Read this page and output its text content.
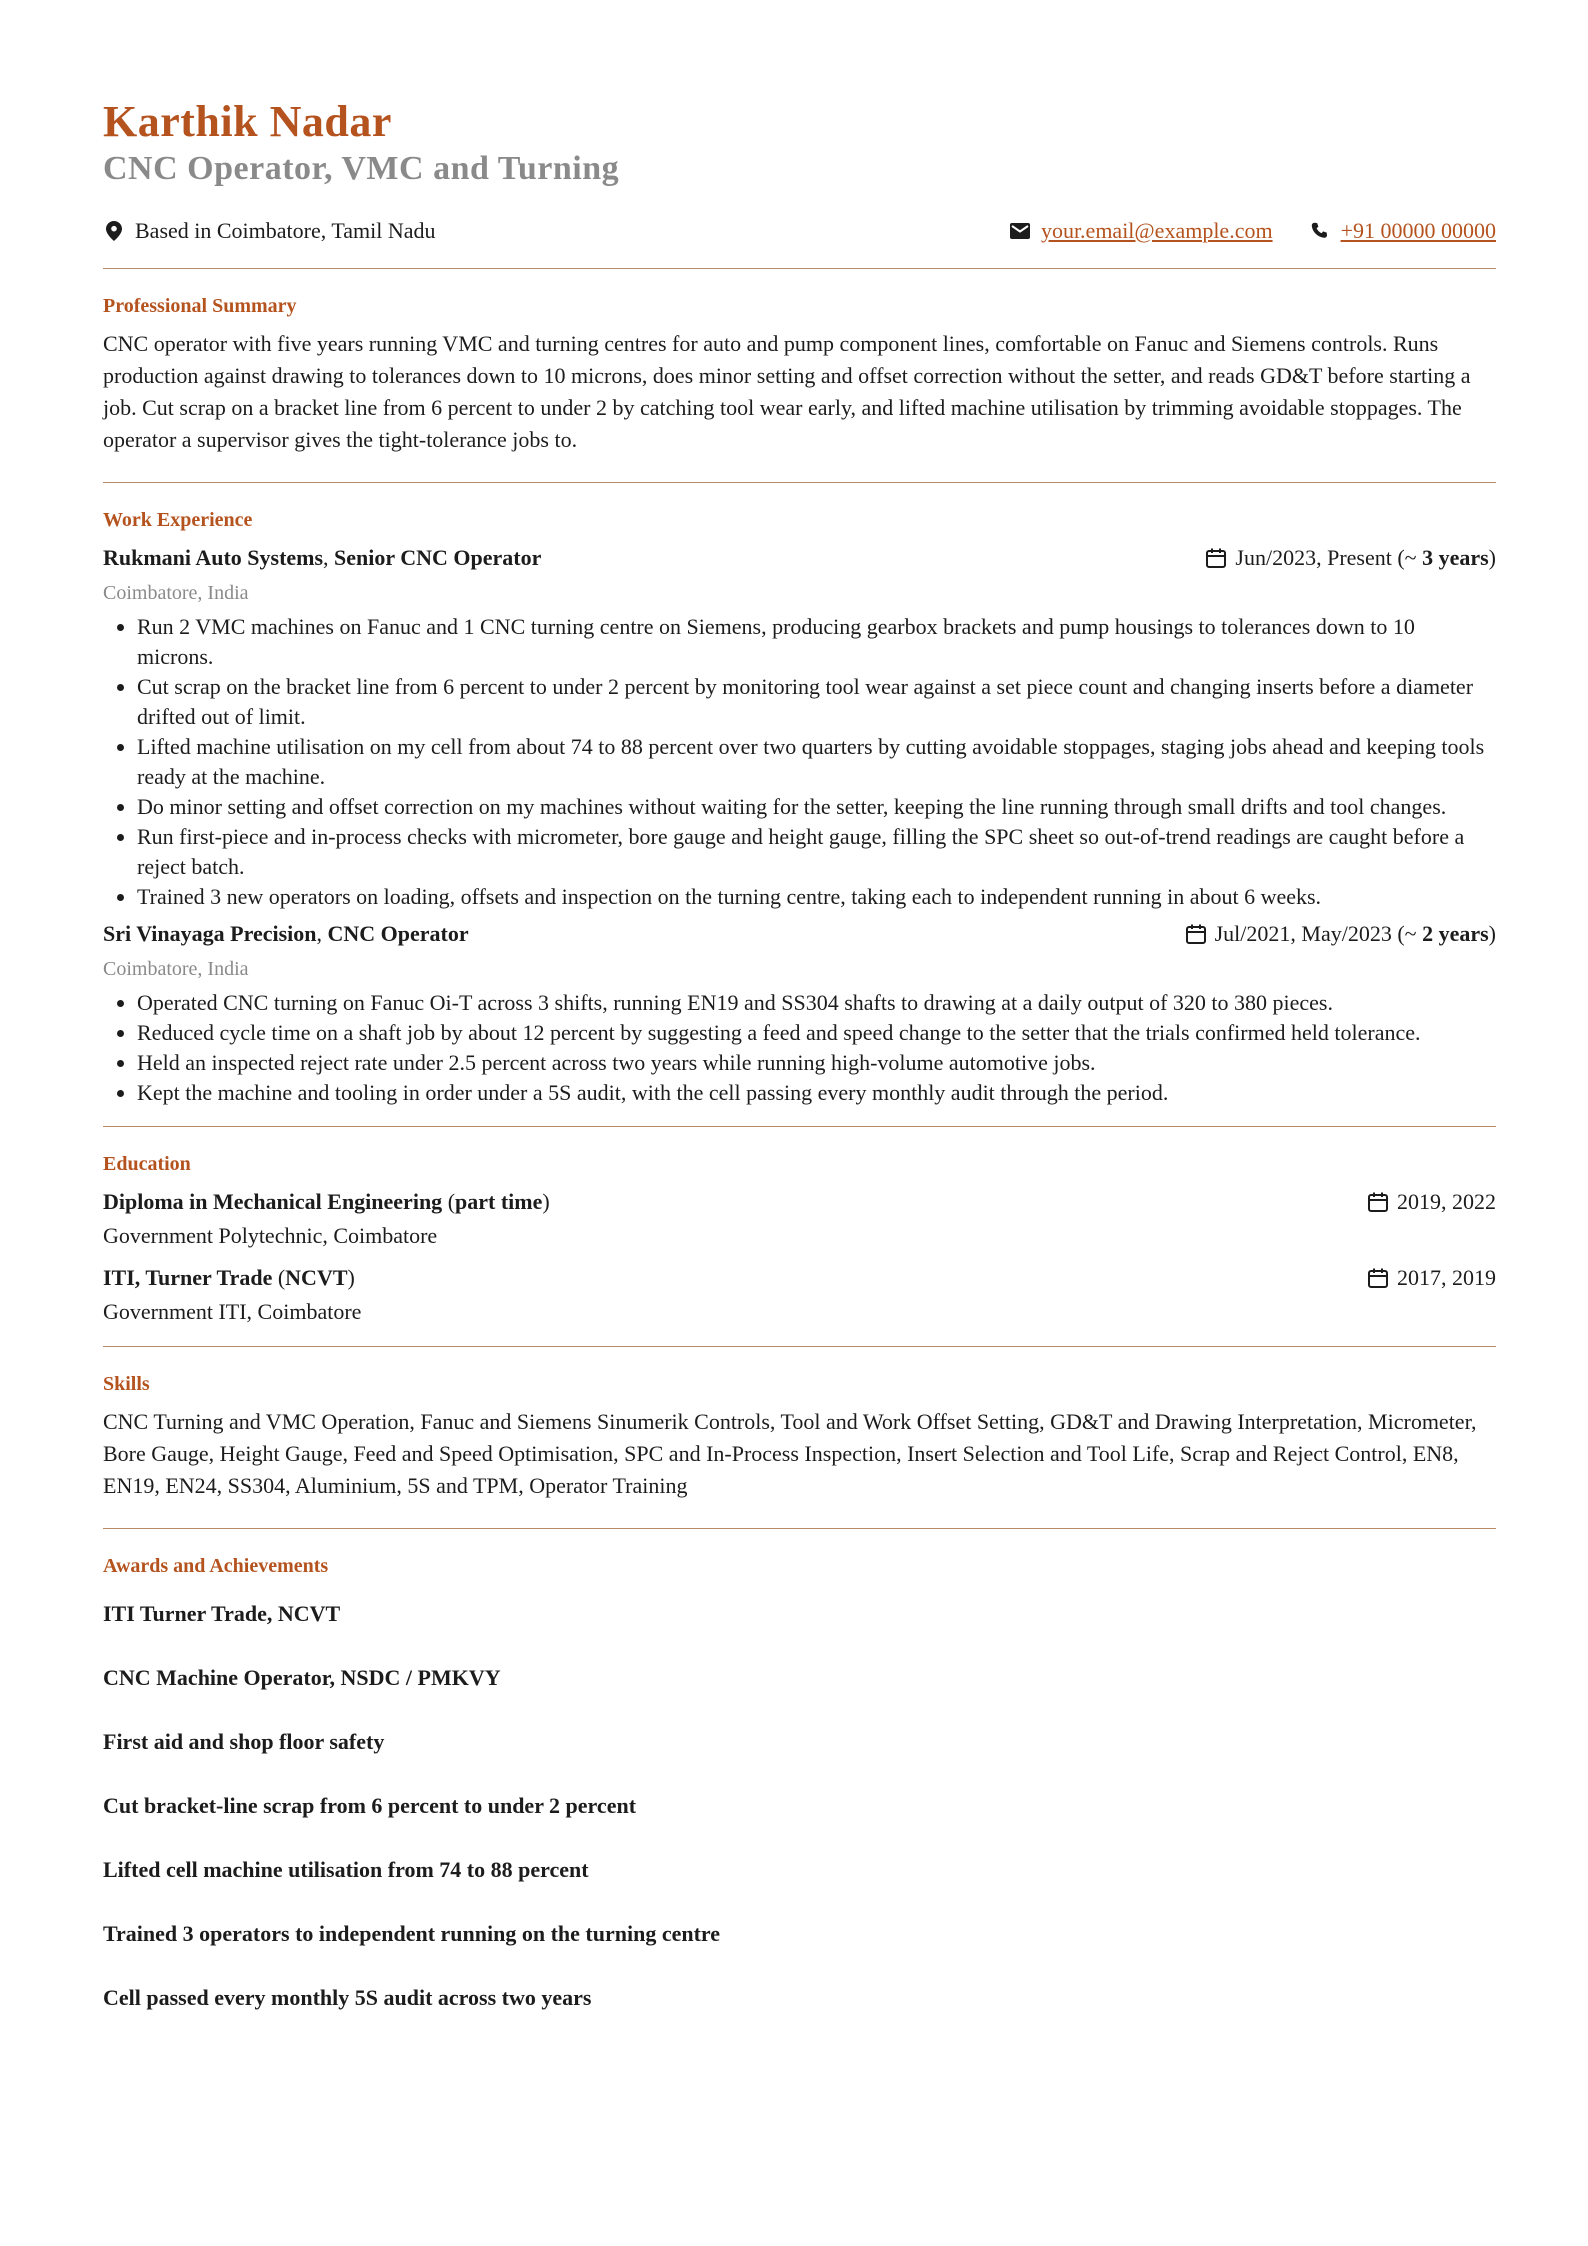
Karthik Nadar
CNC Operator, VMC and Turning
Based in Coimbatore, Tamil Nadu	your.email@example.com	+91 00000 00000
Professional Summary

CNC operator with five years running VMC and turning centres for auto and pump component lines, comfortable on Fanuc and Siemens controls. Runs production against drawing to tolerances down to 10 microns, does minor setting and offset correction without the setter, and reads GD&T before starting a job. Cut scrap on a bracket line from 6 percent to under 2 by catching tool wear early, and lifted machine utilisation by trimming avoidable stoppages. The operator a supervisor gives the tight-tolerance jobs to.

Work Experience
Rukmani Auto Systems, Senior CNC Operator	Jun/2023, Present (~ 3 years)
Coimbatore, India
• Run 2 VMC machines on Fanuc and 1 CNC turning centre on Siemens, producing gearbox brackets and pump housings to tolerances down to 10 microns.
• Cut scrap on the bracket line from 6 percent to under 2 percent by monitoring tool wear against a set piece count and changing inserts before a diameter drifted out of limit.
• Lifted machine utilisation on my cell from about 74 to 88 percent over two quarters by cutting avoidable stoppages, staging jobs ahead and keeping tools ready at the machine.
• Do minor setting and offset correction on my machines without waiting for the setter, keeping the line running through small drifts and tool changes.
• Run first-piece and in-process checks with micrometer, bore gauge and height gauge, filling the SPC sheet so out-of-trend readings are caught before a reject batch.
• Trained 3 new operators on loading, offsets and inspection on the turning centre, taking each to independent running in about 6 weeks.
Sri Vinayaga Precision, CNC Operator	Jul/2021, May/2023 (~ 2 years)
Coimbatore, India
• Operated CNC turning on Fanuc Oi-T across 3 shifts, running EN19 and SS304 shafts to drawing at a daily output of 320 to 380 pieces.
• Reduced cycle time on a shaft job by about 12 percent by suggesting a feed and speed change to the setter that the trials confirmed held tolerance.
• Held an inspected reject rate under 2.5 percent across two years while running high-volume automotive jobs.
• Kept the machine and tooling in order under a 5S audit, with the cell passing every monthly audit through the period.
Education
Diploma in Mechanical Engineering (part time)	2019, 2022
Government Polytechnic, Coimbatore
ITI, Turner Trade (NCVT)	2017, 2019
Government ITI, Coimbatore
Skills

CNC Turning and VMC Operation, Fanuc and Siemens Sinumerik Controls, Tool and Work Offset Setting, GD&T and Drawing Interpretation, Micrometer, Bore Gauge, Height Gauge, Feed and Speed Optimisation, SPC and In-Process Inspection, Insert Selection and Tool Life, Scrap and Reject Control, EN8, EN19, EN24, SS304, Aluminium, 5S and TPM, Operator Training

Awards and Achievements

ITI Turner Trade, NCVT

CNC Machine Operator, NSDC / PMKVY

First aid and shop floor safety

Cut bracket-line scrap from 6 percent to under 2 percent

Lifted cell machine utilisation from 74 to 88 percent

Trained 3 operators to independent running on the turning centre

Cell passed every monthly 5S audit across two years
